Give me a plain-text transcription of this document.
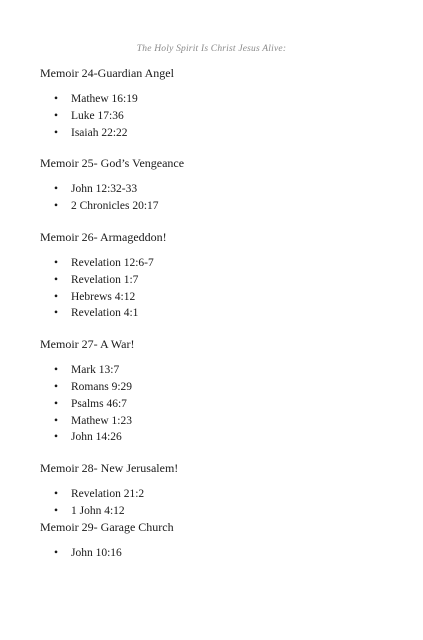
The Holy Spirit Is Christ Jesus Alive:
Memoir 24-Guardian Angel
• Mathew 16:19
• Luke 17:36
• Isaiah 22:22
Memoir 25- God’s Vengeance
• John 12:32-33
• 2 Chronicles 20:17
Memoir 26- Armageddon!
• Revelation 12:6-7
• Revelation 1:7
• Hebrews 4:12
• Revelation 4:1
Memoir 27- A War!
• Mark 13:7
• Romans 9:29
• Psalms 46:7
• Mathew 1:23
• John 14:26
Memoir 28- New Jerusalem!
• Revelation 21:2
• 1 John 4:12
Memoir 29- Garage Church
• John 10:16
